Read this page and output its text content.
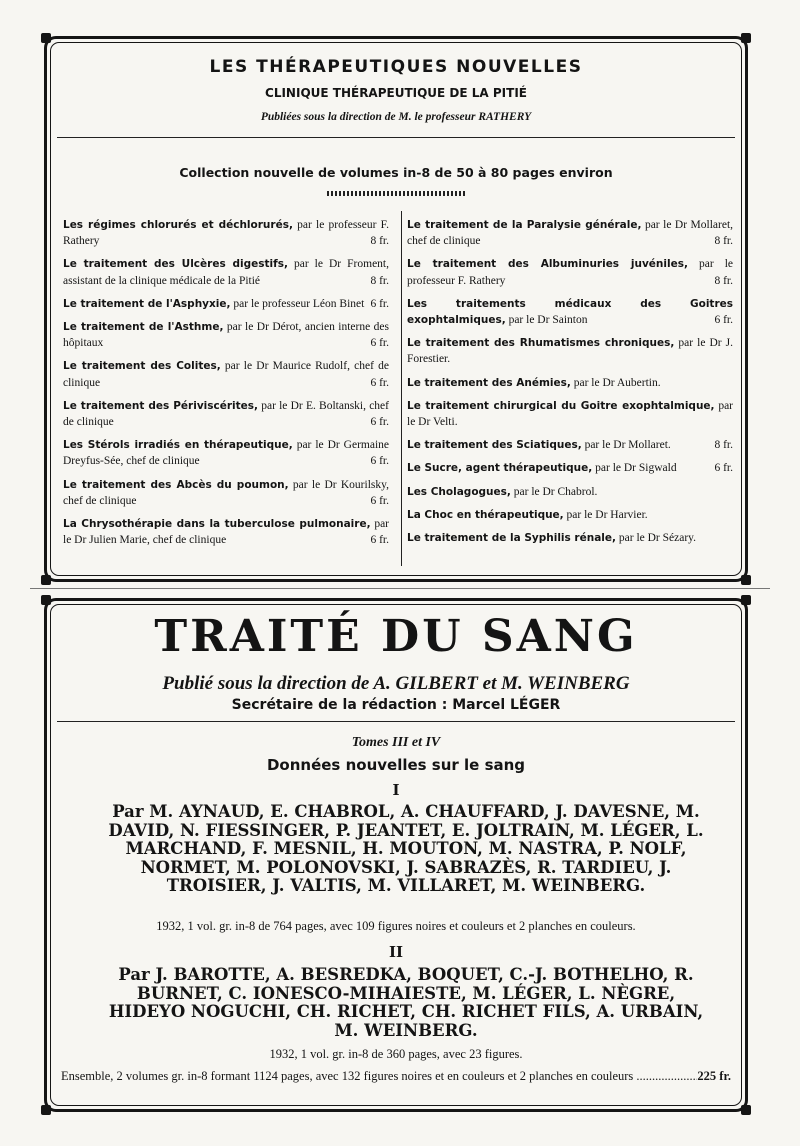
LES THÉRAPEUTIQUES NOUVELLES
CLINIQUE THÉRAPEUTIQUE DE LA PITIÉ
Publiées sous la direction de M. le professeur RATHERY
Collection nouvelle de volumes in-8 de 50 à 80 pages environ
Les régimes chlorurés et déchlorurés, par le professeur F. Rathery	8 fr.
Le traitement des Ulcères digestifs, par le Dr Froment, assistant de la clinique médicale de la Pitié	8 fr.
Le traitement de l'Asphyxie, par le professeur Léon Binet 6 fr.
Le traitement de l'Asthme, par le Dr Dérot, ancien interne des hôpitaux	6 fr.
Le traitement des Colites, par le Dr Maurice Rudolf, chef de clinique	6 fr.
Le traitement des Périviscérites, par le Dr E. Boltanski, chef de clinique	6 fr.
Les Stérols irradiés en thérapeutique, par le Dr Germaine Dreyfus-Sée, chef de clinique	6 fr.
Le traitement des Abcès du poumon, par le Dr Kourilsky, chef de clinique	6 fr.
La Chrysothérapie dans la tuberculose pulmonaire, par le Dr Julien Marie, chef de clinique	6 fr.
Le traitement de la Paralysie générale, par le Dr Mollaret, chef de clinique	8 fr.
Le traitement des Albuminuries juvéniles, par le professeur F. Rathery	8 fr.
Les traitements médicaux des Goitres exophtalmiques, par le Dr Sainton	6 fr.
Le traitement des Rhumatismes chroniques, par le Dr J. Forestier.
Le traitement des Anémies, par le Dr Aubertin.
Le traitement chirurgical du Goitre exophtalmique, par le Dr Velti.
Le traitement des Sciatiques, par le Dr Mollaret.	8 fr.
Le Sucre, agent thérapeutique, par le Dr Sigwald	6 fr.
Les Cholagogues, par le Dr Chabrol.
La Choc en thérapeutique, par le Dr Harvier.
Le traitement de la Syphilis rénale, par le Dr Sézary.
TRAITÉ DU SANG
Publié sous la direction de A. GILBERT et M. WEINBERG
Secrétaire de la rédaction : Marcel LÉGER
Tomes III et IV
Données nouvelles sur le sang
I
Par M. AYNAUD, E. CHABROL, A. CHAUFFARD, J. DAVESNE, M. DAVID, N. FIESSINGER, P. JEANTET, E. JOLTRAIN, M. LÉGER, L. MARCHAND, F. MESNIL, H. MOUTON, M. NASTRA, P. NOLF, NORMET, M. POLONOVSKI, J. SABRAZÈS, R. TARDIEU, J. TROISIER, J. VALTIS, M. VILLARET, M. WEINBERG.
1932, 1 vol. gr. in-8 de 764 pages, avec 109 figures noires et couleurs et 2 planches en couleurs.
II
Par J. BAROTTE, A. BESREDKA, BOQUET, C.-J. BOTHELHO, R. BURNET, C. IONESCO-MIHAIESTE, M. LÉGER, L. NÈGRE, HIDEYO NOGUCHI, CH. RICHET, CH. RICHET FILS, A. URBAIN, M. WEINBERG.
1932, 1 vol. gr. in-8 de 360 pages, avec 23 figures.
Ensemble, 2 volumes gr. in-8 formant 1124 pages, avec 132 figures noires et en couleurs et 2 planches en couleurs .....	225 fr.
